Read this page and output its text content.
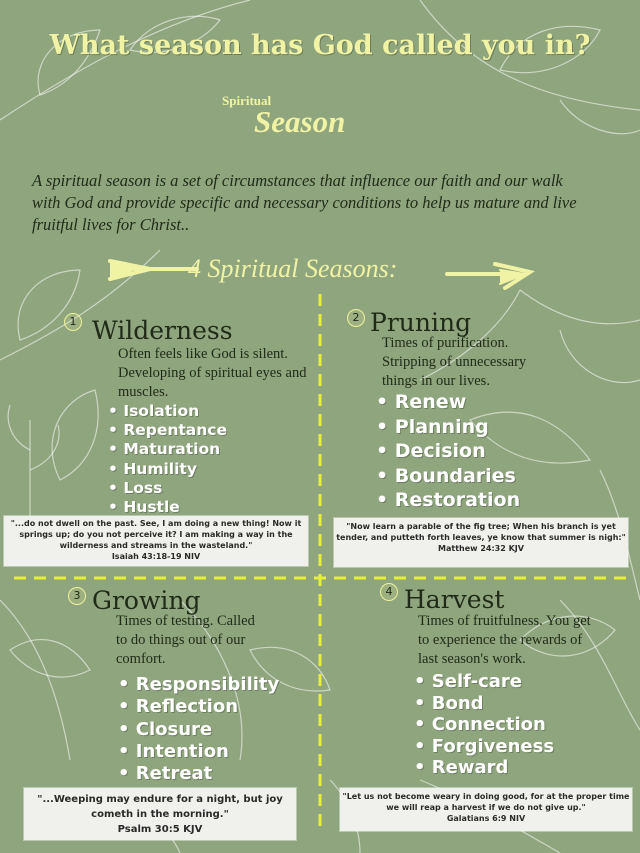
What season has God called you in?
Spiritual
Season
A spiritual season is a set of circumstances that influence our faith and our walk with God and provide specific and necessary conditions to help us mature and live fruitful lives for Christ..
4 Spiritual Seasons:
1 Wilderness
Often feels like God is silent. Developing of spiritual eyes and muscles.
• Isolation
• Repentance
• Maturation
• Humility
• Loss
• Hustle
"...do not dwell on the past. See, I am doing a new thing! Now it springs up; do you not perceive it? I am making a way in the wilderness and streams in the wasteland."
Isaiah 43:18-19 NIV
2 Pruning
Times of purification. Stripping of unnecessary things in our lives.
• Renew
• Planning
• Decision
• Boundaries
• Restoration
"Now learn a parable of the fig tree; When his branch is yet tender, and putteth forth leaves, ye know that summer is nigh:"
Matthew 24:32 KJV
3 Growing
Times of testing. Called to do things out of our comfort.
• Responsibility
• Reflection
• Closure
• Intention
• Retreat
"...Weeping may endure for a night, but joy cometh in the morning."
Psalm 30:5 KJV
4 Harvest
Times of fruitfulness. You get to experience the rewards of last season's work.
• Self-care
• Bond
• Connection
• Forgiveness
• Reward
"Let us not become weary in doing good, for at the proper time we will reap a harvest if we do not give up."
Galatians 6:9 NIV
